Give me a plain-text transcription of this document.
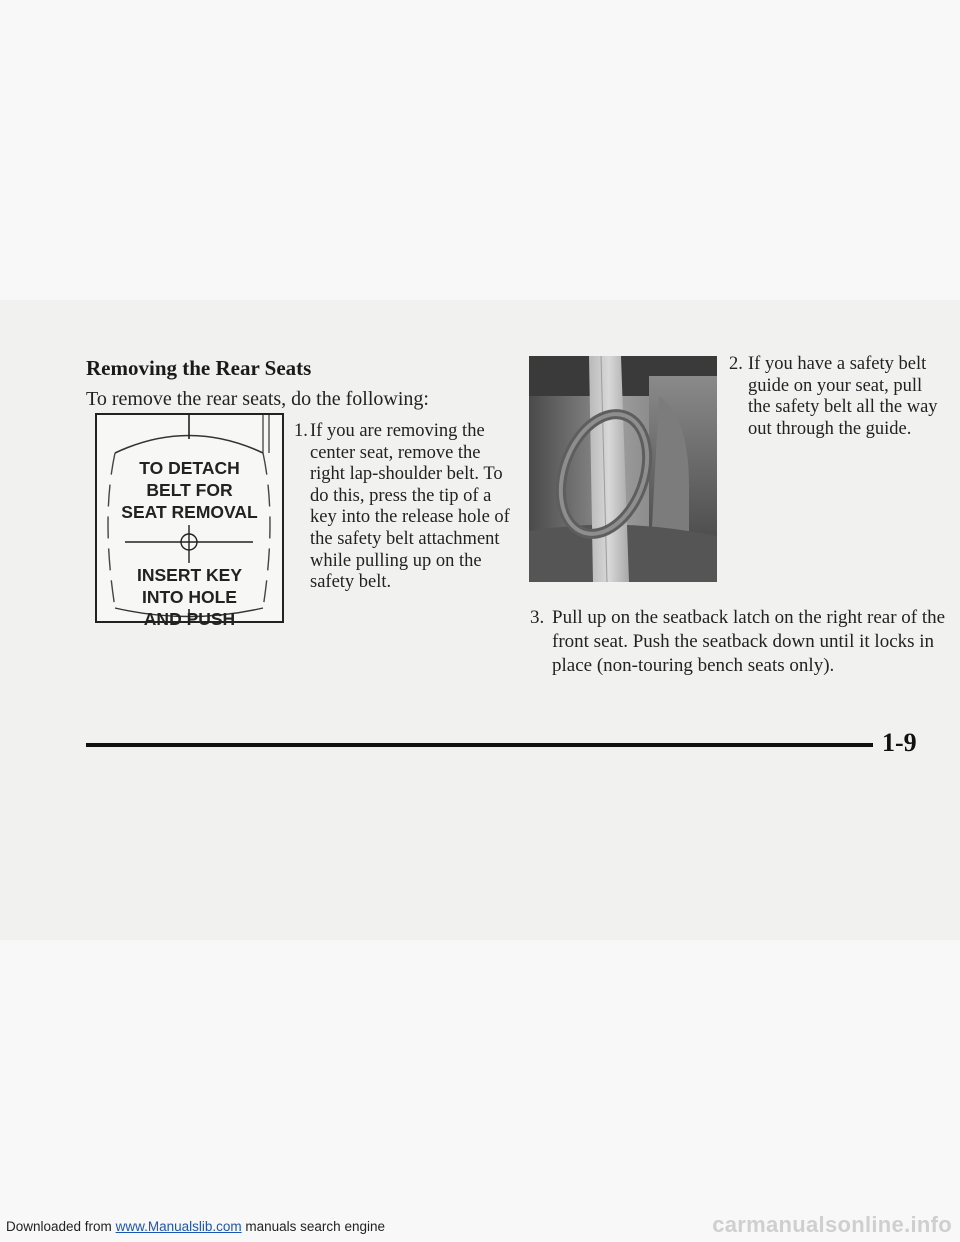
Removing the Rear Seats
To remove the rear seats, do the following:
TO DETACH
BELT FOR
SEAT REMOVAL
INSERT KEY
INTO HOLE
AND PUSH
1. If you are removing the center seat, remove the right lap-shoulder belt. To do this, press the tip of a key into the release hole of the safety belt attachment while pulling up on the safety belt.
2. If you have a safety belt guide on your seat, pull the safety belt all the way out through the guide.
3. Pull up on the seatback latch on the right rear of the front seat. Push the seatback down until it locks in place (non-touring bench seats only).
1-9
Downloaded from www.Manualslib.com manuals search engine	carmanualsonline.info
